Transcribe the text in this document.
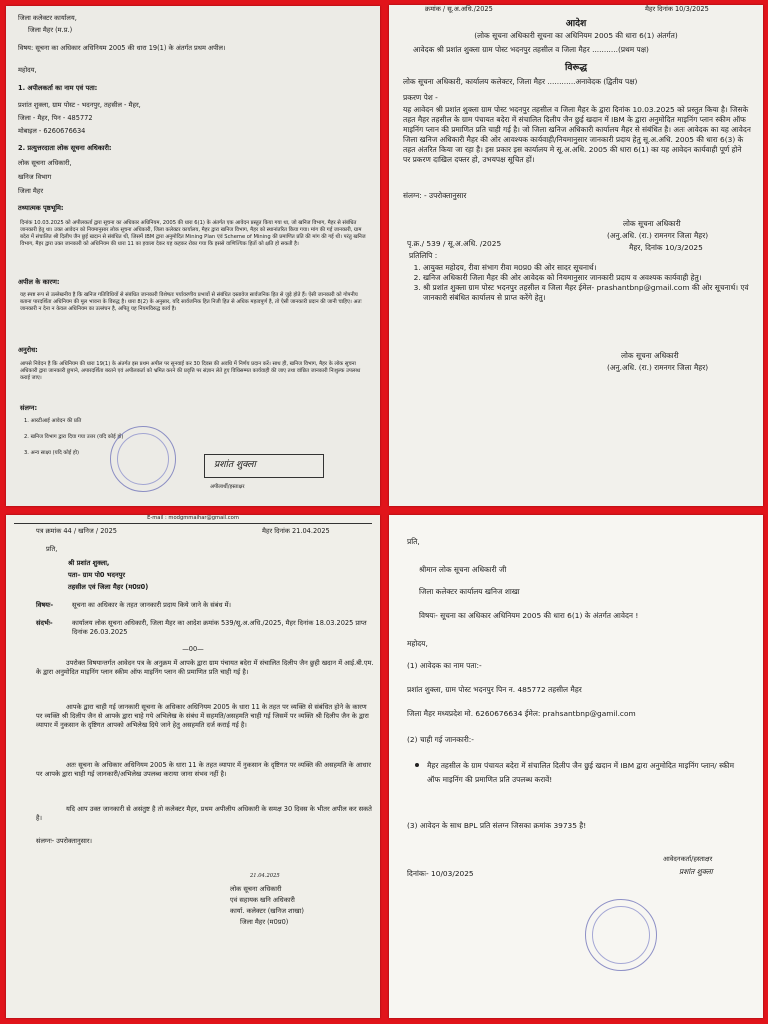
जिला कलेक्टर कार्यालय,
जिला मैहर (म.प्र.)
विषय: सूचना का अधिकार अधिनियम 2005 की धारा 19(1) के अंतर्गत प्रथम अपील।
महोदय,
1. अपीलकर्ता का नाम एवं पता:
प्रशांत शुक्ला, ग्राम पोस्ट - भदनपुर, तहसील - मैहर,
जिला - मैहर, पिन - 485772
मोबाइल - 6260676634
2. प्रत्युत्तरदाता लोक सूचना अधिकारी:
लोक सूचना अधिकारी,
खनिज विभाग
जिला मैहर
तथ्यात्मक पृष्ठभूमि:
दिनांक 10.03.2025 को अपीलकर्ता द्वारा सूचना का अधिकार अधिनियम, 2005 की धारा 6(1) के अंतर्गत एक आवेदन प्रस्तुत किया गया था, जो खनिज विभाग, मैहर से संबंधित जानकारी हेतु था। उक्त आवेदन को नियमानुसार लोक सूचना अधिकारी, जिला कलेक्टर कार्यालय, मैहर द्वारा खनिज विभाग, मैहर को स्थानांतरित किया गया। मांग की गई जानकारी, ग्राम बदेरा में संचालित श्री दिलीप जैन छुई खदान से संबंधित थी, जिसमें IBM द्वारा अनुमोदित Mining Plan एवं Scheme of Mining की प्रमाणित प्रति की मांग की गई थी। परंतु खनिज विभाग, मैहर द्वारा उक्त जानकारी को अधिनियम की धारा 11 का हवाला देकर यह कहकर रोका गया कि इससे वाणिज्यिक हितों को क्षति हो सकती है।
अपील के कारण:
यह स्पष्ट रूप से उल्लेखनीय है कि खनिज गतिविधियों से संबंधित जानकारी विशेषतः पर्यावरणीय प्रभावों से संबंधित दस्तावेज सार्वजनिक हित से जुड़े होते हैं। ऐसी जानकारी को गोपनीय बताना पारदर्शिता अधिनियम की मूल भावना के विरुद्ध है। धारा 8(2) के अनुसार, यदि सार्वजनिक हित निजी हित से अधिक महत्वपूर्ण है, तो ऐसी जानकारी प्रदान की जानी चाहिए। अतः जानकारी न देना न केवल अधिनियम का उल्लंघन है, अपितु यह नियमविरुद्ध कार्य है।
अनुरोध:
आपसे निवेदन है कि अधिनियम की धारा 19(1) के अंतर्गत इस प्रथम अपील पर सुनवाई कर 30 दिवस की अवधि में निर्णय प्रदान करें। साथ ही, खनिज विभाग, मैहर के लोक सूचना अधिकारी द्वारा जानकारी छुपाने, अपारदर्शिता बरतने एवं अपीलकर्ता को भ्रमित करने की प्रवृत्ति पर संज्ञान लेते हुए विधिसम्मत कार्यवाही की जाए तथा वांछित जानकारी निःशुल्क उपलब्ध कराई जाए।
संलग्न:
1. आरटीआई आवेदन की प्रति
2. खनिज विभाग द्वारा दिया गया उत्तर (यदि कोई हो)
3. अन्य साक्ष्य (यदि कोई हो)
प्रशांत शुक्ला
अपीलार्थी/हस्ताक्षर
क्रमांक / सू.अ.अधि./2025	मैहर दिनांक 10/3/2025
आदेश
(लोक सूचना अधिकारी सूचना का अधिनियम 2005 की धारा 6(1) अंतर्गत)
आवेदक श्री प्रशांत शुक्ला ग्राम पोस्ट भदनपुर तहसील व जिला मैहर ...........(प्रथम पक्ष)
विरूद्ध
लोक सूचना अधिकारी, कार्यालय कलेक्टर, जिला मैहर ............अनावेदक (द्वितीय पक्ष)
प्रकरण पेश -
यह आवेदन श्री प्रशांत शुक्ला ग्राम पोस्ट भदनपुर तहसील व जिला मैहर के द्वारा दिनांक 10.03.2025 को प्रस्तुत किया है। जिसके तहत मैहर तहसील के ग्राम पंचायत बदेरा में संचालित दिलीप जैन छुई खदान में IBM के द्वारा अनुमोदित माइनिंग प्लान स्कीम ऑफ माइनिंग प्लान की प्रमाणित प्रति चाही गई है। जो जिला खनिज अधिकारी कार्यालय मैहर से संबंधित है। अतः आवेदक का यह आवेदन जिला खनिज अधिकारी मैहर की ओर आवश्यक कार्यवाही/नियमानुसार जानकारी प्रदाय हेतु सू.अ.अधि. 2005 की धारा 6(3) के तहत अंतरित किया जा रहा है। इस प्रकार इस कार्यालय मे सू.अ.अधि. 2005 की धारा 6(1) का यह आवेदन कार्यवाही पूर्ण होने पर प्रकरण दाखिल दफ्तर हो, उभयपक्ष सूचित हों।
संलग्न: - उपरोक्तानुसार
लोक सूचना अधिकारी
(अनु.अधि. (रा.) रामनगर जिला मैहर)
मैहर, दिनांक 10/3/2025
पृ.क्र./ 539 / सू.अ.अधि. /2025
प्रतिलिपि :
1. आयुक्त महोदय, रीवा संभाग रीवा म0प्र0 की ओर सादर सूचनार्थ।
2. खनिज अधिकारी जिला मैहर की ओर आवेदक को नियमानुसार जानकारी प्रदाय व अवश्यक कार्यवाही हेतु।
3. श्री प्रशांत शुक्ला ग्राम पोस्ट भदनपुर तहसील व जिला मैहर ईमेल- prashantbnp@gmail.com की ओर सूचनार्थ। एवं जानकारी संबंधित कार्यालय से प्राप्त करेंगे हेतु।
लोक सूचना अधिकारी
(अनु.अधि. (रा.) रामनगर जिला मैहर)
E-mail : modgmmaihar@gmail.com
पत्र क्रमांक 44 / खनिज / 2025	मैहर दिनांक 21.04.2025
प्रति,
श्री प्रशांत शुक्ला,
पता– ग्राम पो0 भदनपुर
तहसील एवं जिला मैहर (म0प्र0)
विषयः-	सूचना का अधिकार के तहत जानकारी प्रदाय किये जाने के संबंध में।
संदर्भः-	कार्यालय लोक सूचना अधिकारी, जिला मैहर का आदेश क्रमांक 539/सू.अ.अधि./2025, मैहर दिनांक 18.03.2025 प्राप्त दिनांक 26.03.2025
—00—
उपरोक्त विषयान्तर्गत आवेदन पत्र के अनुक्रम में आपके द्वारा ग्राम पंचायत बदेरा में संचालित दिलीप जैन छुही खदान में आई.बी.एम. के द्वारा अनुमोदित माइनिंग प्लान स्कीम ऑफ माइनिंग प्लान की प्रमाणित प्रति चाही गई है।
आपके द्वारा चाही गई जानकारी सूचना के अधिकार अधिनियम 2005 के धारा 11 के तहत पर व्यक्ति से संबंधित होने के कारण पर व्यक्ति श्री दिलीप जैन से आपके द्वारा चाहे गये अभिलेख के संबंध में सहमति/असहमति चाही गई जिसमें पर व्यक्ति श्री दिलीप जैन के द्वारा व्यापार में नुकसान के दृष्टिगत आपको अभिलेख दिये जाने हेतु असहमति दर्ज कराई गई है।
अतः सूचना के अधिकार अधिनियम 2005 के धारा 11 के तहत व्यापार में नुकसान के दृष्टिगत पर व्यक्ति की असहमति के आधार पर आपके द्वारा चाही गई जानकारी/अभिलेख उपलब्ध कराया जाना संभव नहीं है।
यदि आप उक्त जानकारी से असंतुष्ट है तो कलेक्टर मैहर, प्रथम अपीलीय अधिकारी के समक्ष 30 दिवस के भीतर अपील कर सकते है।
संलग्नः- उपरोक्तानुसार।
21.04.2025
लोक सूचना अधिकारी
एवं सहायक खनि अधिकारी
कार्या. कलेक्टर (खनिज शाखा)
जिला मैहर (म0प्र0)
प्रति,
श्रीमान लोक सूचना अधिकारी जी
जिला कलेक्टर कार्यालय खनिज शाखा
विषयः- सूचना का अधिकार अधिनियम 2005 की धारा 6(1) के अंतर्गत आवेदन !
महोदय,
(1) आवेदक का नाम पता:-
प्रशांत शुक्ला, ग्राम पोस्ट भदनपुर पिन न. 485772 तहसील मैहर
जिला मैहर मध्यप्रदेश मो. 6260676634 ईमेल: prahsantbnp@gamil.com
(2) चाही गई जानकारी:-
मैहर तहसील के ग्राम पंचायत बदेरा में संचालित दिलीप जैन छुई खदान में IBM द्वारा अनुमोदित माइनिंग प्लान/ स्कीम ऑफ माइनिंग की प्रमाणित प्रति उपलब्ध करावें!
(3) आवेदन के साथ BPL प्रति संलग्न जिसका क्रमांक 39735 है!
आवेदनकर्ता/हस्ताक्षर
प्रशांत शुक्ला
दिनांकः- 10/03/2025
